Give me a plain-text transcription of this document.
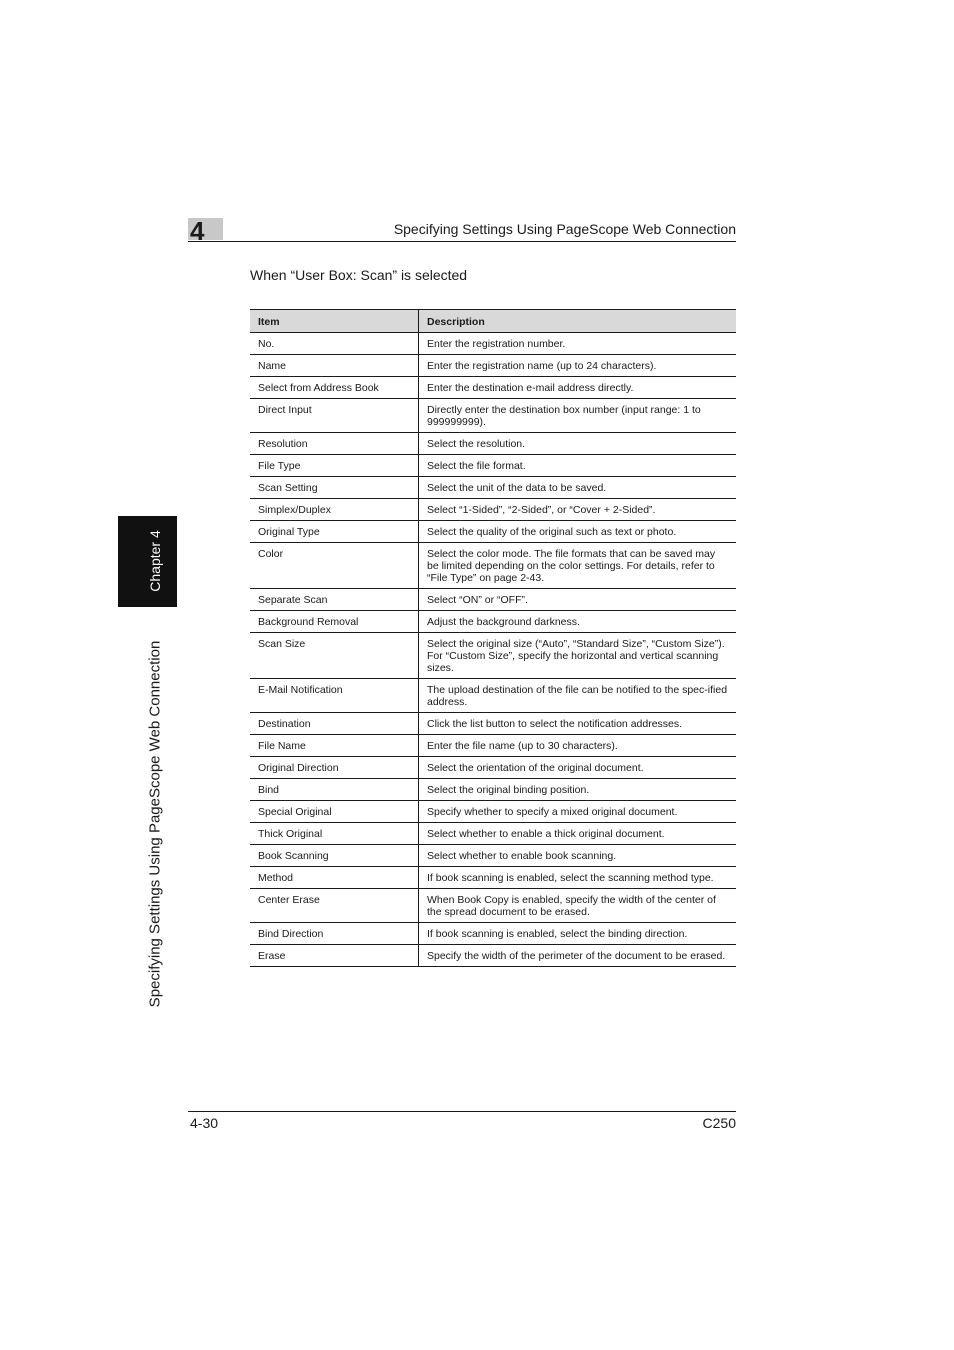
4	Specifying Settings Using PageScope Web Connection
Chapter 4
Specifying Settings Using PageScope Web Connection
When “User Box: Scan” is selected
Item	Description
No.	Enter the registration number.
Name	Enter the registration name (up to 24 characters).
Select from Address Book	Enter the destination e-mail address directly.
Direct Input	Directly enter the destination box number (input range: 1 to 999999999).
Resolution	Select the resolution.
File Type	Select the file format.
Scan Setting	Select the unit of the data to be saved.
Simplex/Duplex	Select “1-Sided”, “2-Sided”, or “Cover + 2-Sided”.
Original Type	Select the quality of the original such as text or photo.
Color	Select the color mode. The file formats that can be saved may be limited depending on the color settings. For details, refer to “File Type” on page 2-43.
Separate Scan	Select “ON” or “OFF”.
Background Removal	Adjust the background darkness.
Scan Size	Select the original size (“Auto”, “Standard Size”, “Custom Size”).
For “Custom Size”, specify the horizontal and vertical scanning sizes.

E-Mail Notification	The upload destination of the file can be notified to the spec-ified address.
Destination	Click the list button to select the notification addresses.
File Name	Enter the file name (up to 30 characters).
Original Direction	Select the orientation of the original document.
Bind	Select the original binding position.
Special Original	Specify whether to specify a mixed original document.
Thick Original	Select whether to enable a thick original document.
Book Scanning	Select whether to enable book scanning.
Method	If book scanning is enabled, select the scanning method type.
Center Erase	When Book Copy is enabled, specify the width of the center of the spread document to be erased.
Bind Direction	If book scanning is enabled, select the binding direction.
Erase	Specify the width of the perimeter of the document to be erased.
4-30	C250
